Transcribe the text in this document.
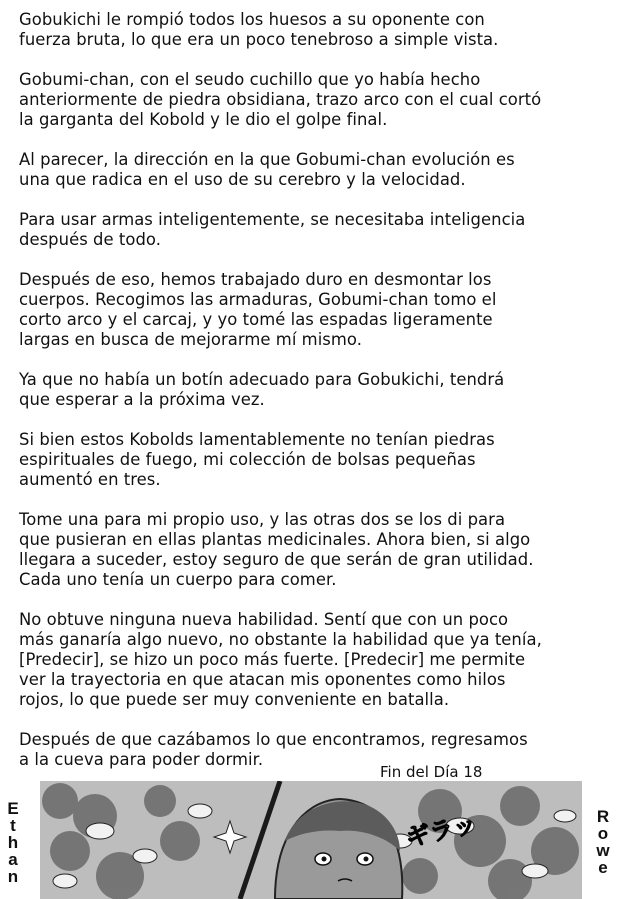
Gobukichi le rompió todos los huesos a su oponente con
fuerza bruta, lo que era un poco tenebroso a simple vista.

Gobumi-chan, con el seudo cuchillo que yo había hecho
anteriormente de piedra obsidiana, trazo arco con el cual cortó
la garganta del Kobold y le dio el golpe final.

Al parecer, la dirección en la que Gobumi-chan evolución es
una que radica en el uso de su cerebro y la velocidad.

Para usar armas inteligentemente, se necesitaba inteligencia
después de todo.

Después de eso, hemos trabajado duro en desmontar los
cuerpos. Recogimos las armaduras, Gobumi-chan tomo el
corto arco y el carcaj, y yo tomé las espadas ligeramente
largas en busca de mejorarme mí mismo.

Ya que no había un botín adecuado para Gobukichi, tendrá
que esperar a la próxima vez.

Si bien estos Kobolds lamentablemente no tenían piedras
espirituales de fuego, mi colección de bolsas pequeñas
aumentó en tres.

Tome una para mi propio uso, y las otras dos se los di para
que pusieran en ellas plantas medicinales. Ahora bien, si algo
llegara a suceder, estoy seguro de que serán de gran utilidad.
Cada uno tenía un cuerpo para comer.

No obtuve ninguna nueva habilidad. Sentí que con un poco
más ganaría algo nuevo, no obstante la habilidad que ya tenía,
[Predecir], se hizo un poco más fuerte. [Predecir] me permite
ver la trayectoria en que atacan mis oponentes como hilos
rojos, lo que puede ser muy conveniente en batalla.

Después de que cazábamos lo que encontramos, regresamos
a la cueva para poder dormir.

Fin del Día 18
E
t
h
a
n
R
o
w
e
ギラッ
